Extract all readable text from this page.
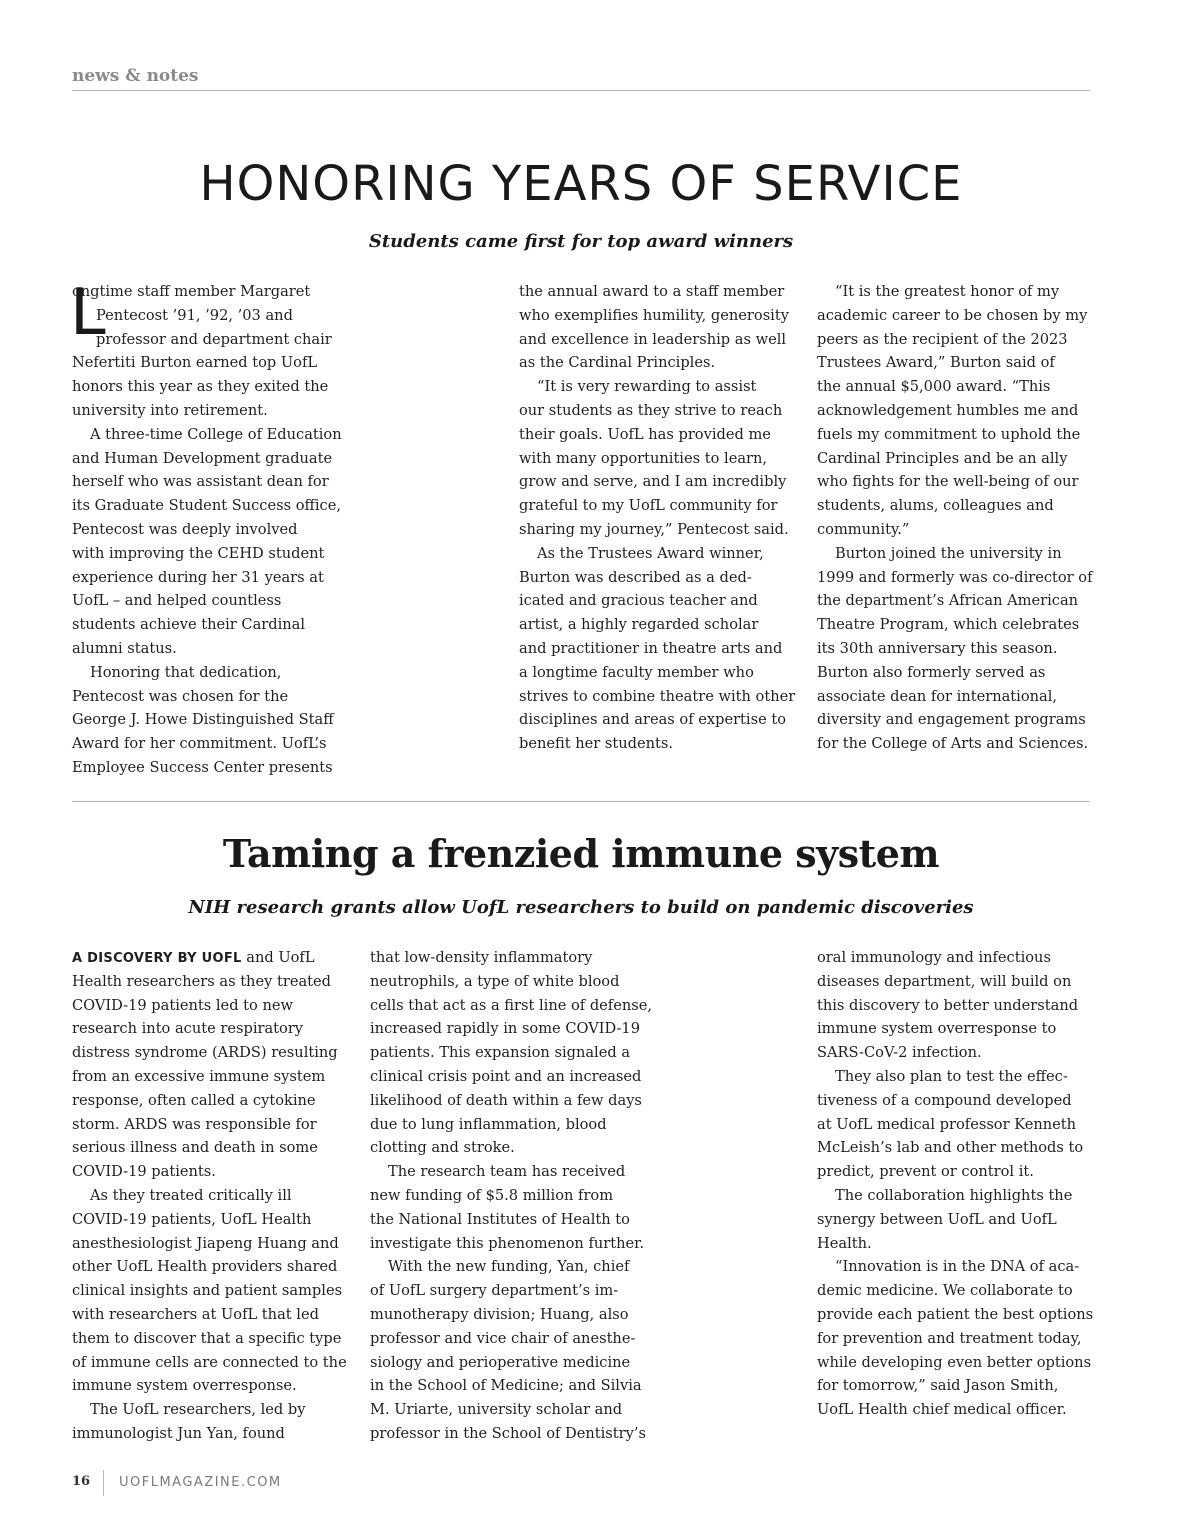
news & notes
HONORING YEARS OF SERVICE
Students came first for top award winners
L
ongtime staff member Margaret
Pentecost ’91, ’92, ’03 and
professor and department chair
Nefertiti Burton earned top UofL
honors this year as they exited the
university into retirement.
A three-time College of Education
and Human Development graduate
herself who was assistant dean for
its Graduate Student Success office,
Pentecost was deeply involved
with improving the CEHD student
experience during her 31 years at
UofL – and helped countless
students achieve their Cardinal
alumni status.
Honoring that dedication,
Pentecost was chosen for the
George J. Howe Distinguished Staff
Award for her commitment. UofL’s
Employee Success Center presents
the annual award to a staff member
who exemplifies humility, generosity
and excellence in leadership as well
as the Cardinal Principles.
“It is very rewarding to assist
our students as they strive to reach
their goals. UofL has provided me
with many opportunities to learn,
grow and serve, and I am incredibly
grateful to my UofL community for
sharing my journey,” Pentecost said.
As the Trustees Award winner,
Burton was described as a ded-
icated and gracious teacher and
artist, a highly regarded scholar
and practitioner in theatre arts and
a longtime faculty member who
strives to combine theatre with other
disciplines and areas of expertise to
benefit her students.
“It is the greatest honor of my
academic career to be chosen by my
peers as the recipient of the 2023
Trustees Award,” Burton said of
the annual $5,000 award. “This
acknowledgement humbles me and
fuels my commitment to uphold the
Cardinal Principles and be an ally
who fights for the well-being of our
students, alums, colleagues and
community.”
Burton joined the university in
1999 and formerly was co-director of
the department’s African American
Theatre Program, which celebrates
its 30th anniversary this season.
Burton also formerly served as
associate dean for international,
diversity and engagement programs
for the College of Arts and Sciences.
Taming a frenzied immune system
NIH research grants allow UofL researchers to build on pandemic discoveries
A DISCOVERY BY UOFL and UofL
Health researchers as they treated
COVID-19 patients led to new
research into acute respiratory
distress syndrome (ARDS) resulting
from an excessive immune system
response, often called a cytokine
storm. ARDS was responsible for
serious illness and death in some
COVID-19 patients.
As they treated critically ill
COVID-19 patients, UofL Health
anesthesiologist Jiapeng Huang and
other UofL Health providers shared
clinical insights and patient samples
with researchers at UofL that led
them to discover that a specific type
of immune cells are connected to the
immune system overresponse.
The UofL researchers, led by
immunologist Jun Yan, found
that low-density inflammatory
neutrophils, a type of white blood
cells that act as a first line of defense,
increased rapidly in some COVID-19
patients. This expansion signaled a
clinical crisis point and an increased
likelihood of death within a few days
due to lung inflammation, blood
clotting and stroke.
The research team has received
new funding of $5.8 million from
the National Institutes of Health to
investigate this phenomenon further.
With the new funding, Yan, chief
of UofL surgery department’s im-
munotherapy division; Huang, also
professor and vice chair of anesthe-
siology and perioperative medicine
in the School of Medicine; and Silvia
M. Uriarte, university scholar and
professor in the School of Dentistry’s
oral immunology and infectious
diseases department, will build on
this discovery to better understand
immune system overresponse to
SARS-CoV-2 infection.
They also plan to test the effec-
tiveness of a compound developed
at UofL medical professor Kenneth
McLeish’s lab and other methods to
predict, prevent or control it.
The collaboration highlights the
synergy between UofL and UofL
Health.
“Innovation is in the DNA of aca-
demic medicine. We collaborate to
provide each patient the best options
for prevention and treatment today,
while developing even better options
for tomorrow,” said Jason Smith,
UofL Health chief medical officer.
16 UOFLMAGAZINE.COM
